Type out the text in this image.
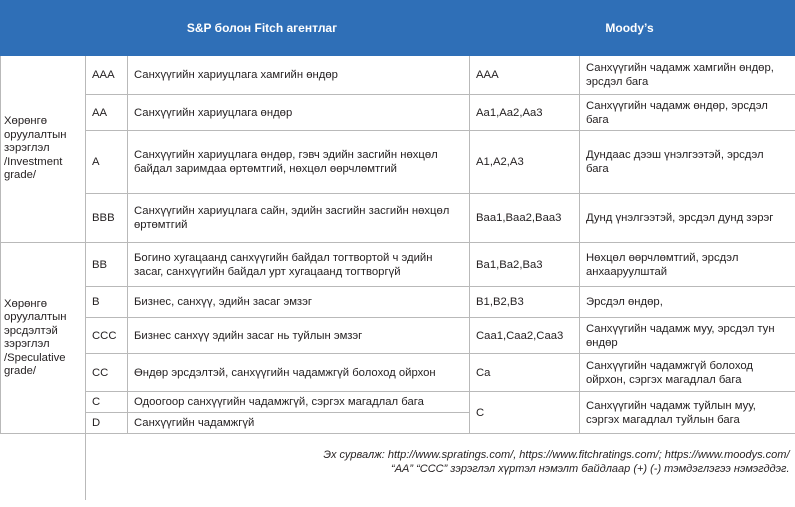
S&P болон Fitch агентлаг			Moody’s	
Хөрөнгө оруулалтын зэрэглэл /Investment grade/	AAA	Санхүүгийн хариуцлага хамгийн өндөр	AAA	Санхүүгийн чадамж хамгийн өндөр, эрсдэл бага
	AA	Санхүүгийн хариуцлага өндөр	Aa1,Aa2,Aa3	Санхүүгийн чадамж өндөр, эрсдэл бага
	A	Санхүүгийн хариуцлага өндөр, гэвч эдийн засгийн нөхцөл байдал заримдаа өртөмтгий, нөхцөл өөрчлөмтгий	A1,A2,A3	Дундаас дээш үнэлгээтэй, эрсдэл бага
	BBB	Санхүүгийн хариуцлага сайн, эдийн засгийн засгийн нөхцөл өртөмтгий	Baa1,Baa2,Baa3	Дунд үнэлгээтэй, эрсдэл дунд зэрэг
Хөрөнгө оруулалтын эрсдэлтэй зэрэглэл /Speculative grade/	BB	Богино хугацаанд санхүүгийн байдал тогтвортой ч эдийн засаг, санхүүгийн байдал урт хугацаанд тогтворгүй	Ba1,Ba2,Ba3	Нөхцөл өөрчлөмтгий, эрсдэл анхааруулштай
	B	Бизнес, санхүү, эдийн засаг эмзэг	B1,B2,B3	Эрсдэл өндөр,
	CCC	Бизнес санхүү эдийн засаг нь туйлын эмзэг	Caa1,Caa2,Caa3	Санхүүгийн чадамж муу, эрсдэл тун өндөр
	CC	Өндөр эрсдэлтэй, санхүүгийн чадамжгүй болоход ойрхон	Ca	Санхүүгийн чадамжгүй болоход ойрхон, сэргэх магадлал бага
	C	Одоогоор санхүүгийн чадамжгүй, сэргэх магадлал бага	C	Санхүүгийн чадамж туйлын муу, сэргэх магадлал туйлын бага
	D	Санхүүгийн чадамжгүй		

	Эх сурвалж: http://www.spratings.com/, https://www.fitchratings.com/; https://www.moodys.com/
“AA” “CCC” зэрэглэл хүртэл нэмэлт байдлаар (+) (-) тэмдэглэгээ нэмэгддэг.			
